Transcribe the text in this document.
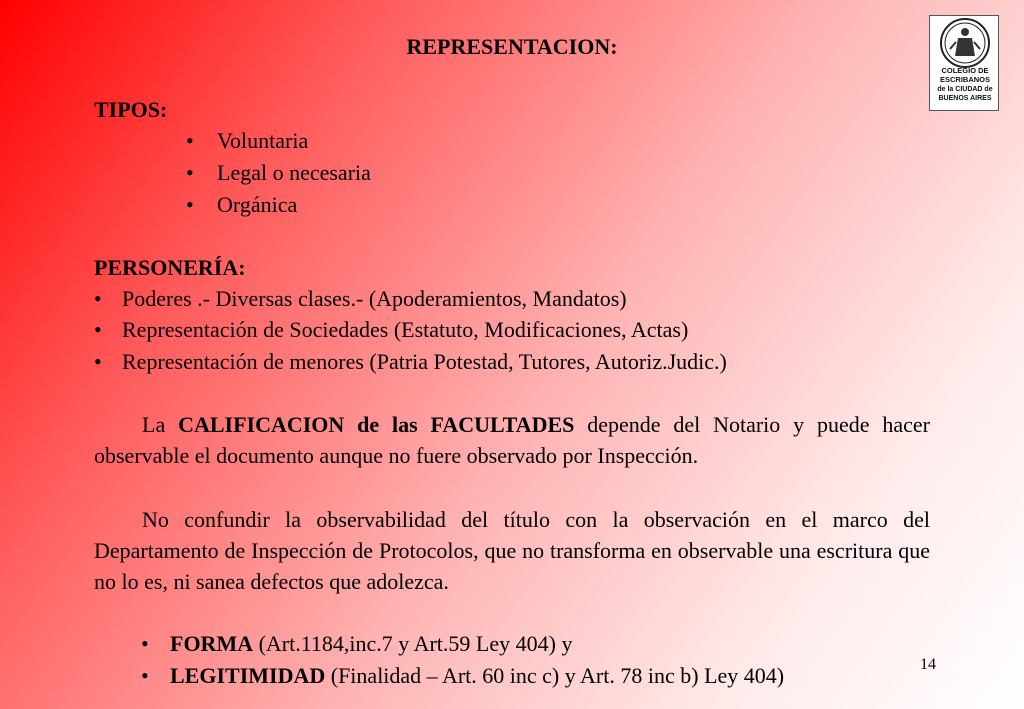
REPRESENTACION:
COLEGIO DE
ESCRIBANOS
de la CIUDAD de
BUENOS AIRES
TIPOS:
• Voluntaria
• Legal o necesaria
• Orgánica
PERSONERÍA:
• Poderes .- Diversas clases.- (Apoderamientos, Mandatos)
• Representación de Sociedades (Estatuto, Modificaciones, Actas)
• Representación de menores (Patria Potestad, Tutores, Autoriz.Judic.)
La CALIFICACION de las FACULTADES depende del Notario y puede hacer observable el documento aunque no fuere observado por Inspección.
No confundir la observabilidad del título con la observación en el marco del Departamento de Inspección de Protocolos, que no transforma en observable una escritura que no lo es, ni sanea defectos que adolezca.
• FORMA (Art.1184,inc.7 y Art.59 Ley 404) y
• LEGITIMIDAD (Finalidad – Art. 60 inc c) y Art. 78 inc b) Ley 404)	14
